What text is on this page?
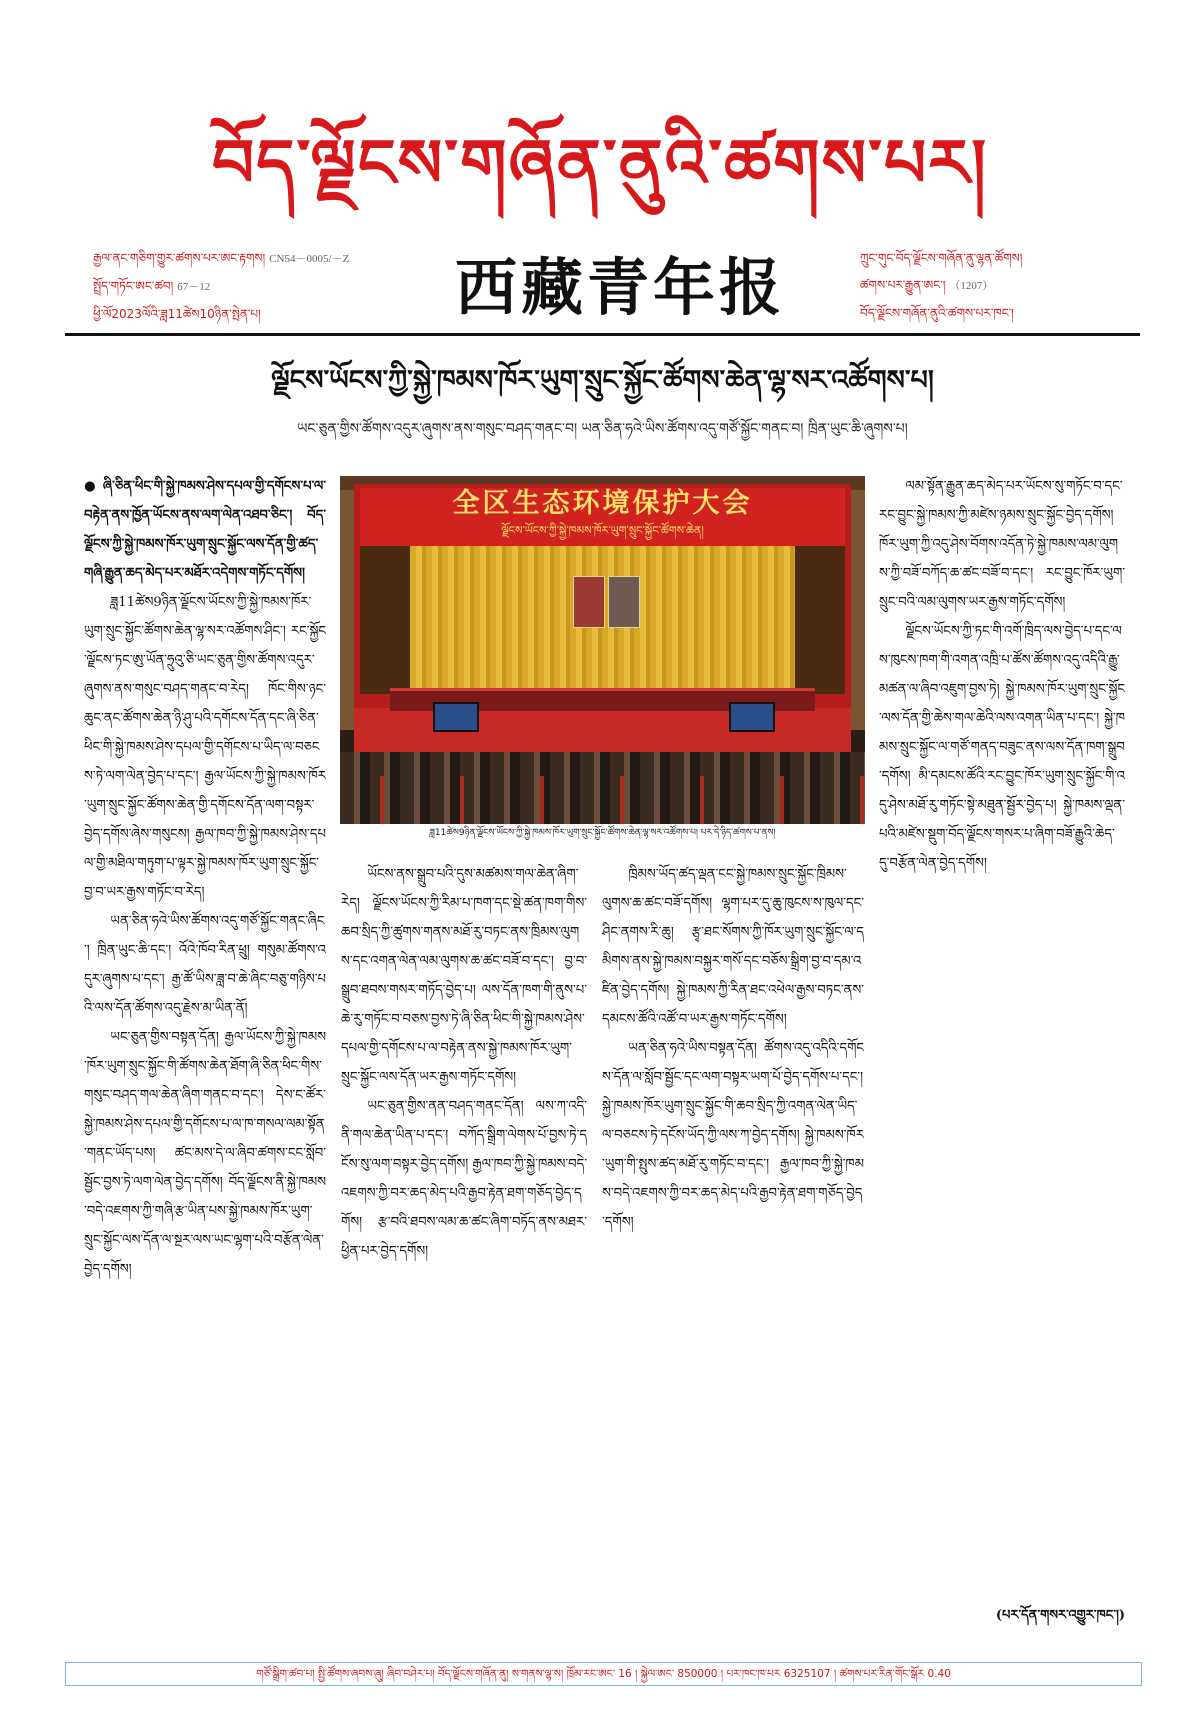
བོད་ལྗོངས་གཞོན་ནུའི་ཚགས་པར།
རྒྱལ་ནང་གཅིག་གྱུར་ཚགས་པར་ཨང་རྟགས། CN54－0005/－Z
སྤྲོད་གཏོང་ཨང་ཚབ། 67－12
ཕྱི་ལོ2023ལོའི་ཟླ11ཚེས10ཉིན་སྤེན་པ།	西藏青年报	ཀྲུང་གུང་བོད་ལྗོངས་གཞོན་ནུ་ལྷན་ཚོགས།
ཚགས་པར་རྒྱུན་ཨང་། （1207）
བོད་ལྗོངས་གཞོན་ནུའི་ཚགས་པར་ཁང་།
ལྗོངས་ཡོངས་ཀྱི་སྐྱེ་ཁམས་ཁོར་ཡུག་སྲུང་སྐྱོང་ཚོགས་ཆེན་ལྷ་སར་འཚོགས་པ།
ཡང་ཅུན་གྱིས་ཚོགས་འདུར་ཞུགས་ནས་གསུང་བཤད་གནང་བ། ཡན་ཅིན་ཧའེ་ཡིས་ཚོགས་འདུ་གཙོ་སྐྱོང་གནང་བ། ཁྲིན་ཡུང་ཆི་ཞུགས་པ།

● ཞི་ཅིན་ཕིང་གི་སྐྱེ་ཁམས་ཤེས་དཔལ་གྱི་དགོངས་པ་ལ་བརྟེན་ནས་ཁྱོན་ཡོངས་ནས་ལག་ལེན་འཐབ་ཅིང་། བོད་ལྗོངས་ཀྱི་སྐྱེ་ཁམས་ཁོར་ཡུག་སྲུང་སྐྱོང་ལས་དོན་གྱི་ཚད་གཞི་རྒྱུན་ཆད་མེད་པར་མཐོར་འདེགས་གཏོང་དགོས།

ཟླ11ཚེས9ཉིན་ལྗོངས་ཡོངས་ཀྱི་སྐྱེ་ཁམས་ཁོར་ཡུག་སྲུང་སྐྱོང་ཚོགས་ཆེན་ལྷ་སར་འཚོགས་ཤིང་། རང་སྐྱོང་ལྗོངས་ཏང་ཨུ་ཡོན་ཧྲུའུ་ཅི་ཡང་ཅུན་གྱིས་ཚོགས་འདུར་ཞུགས་ནས་གསུང་བཤད་གནང་བ་རེད། ཁོང་གིས་ཉང་ཆུང་ནང་ཚོགས་ཆེན་ཉི་ཤུ་པའི་དགོངས་དོན་དང་ཞི་ཅིན་ཕིང་གི་སྐྱེ་ཁམས་ཤེས་དཔལ་གྱི་དགོངས་པ་ཡིད་ལ་བཅངས་ཏེ་ལག་ལེན་བྱེད་པ་དང་། རྒྱལ་ཡོངས་ཀྱི་སྐྱེ་ཁམས་ཁོར་ཡུག་སྲུང་སྐྱོང་ཚོགས་ཆེན་གྱི་དགོངས་དོན་ལག་བསྟར་བྱེད་དགོས་ཞེས་གསུངས། རྒྱལ་ཁབ་ཀྱི་སྐྱེ་ཁམས་ཤེས་དཔལ་གྱི་མཐིལ་གཏུག་པ་ལྟར་སྐྱེ་ཁམས་ཁོར་ཡུག་སྲུང་སྐྱོང་བྱ་བ་ཡར་རྒྱས་གཏོང་བ་རེད།

ཡན་ཅིན་ཧའེ་ཡིས་ཚོགས་འདུ་གཙོ་སྐྱོང་གནང་ཞིང་། ཁྲིན་ཡུང་ཆི་དང་། འོའེ་ཁོབ་རིན་ཕྲུ། གསུམ་ཚོགས་འདུར་ཞུགས་པ་དང་། རྒྱ་ཚོ་ཡིས་ཟླ་བ་ཆེ་ཞིང་བཅུ་གཉིས་པའི་ལས་དོན་ཚོགས་འདུ་རྗེས་མ་ཡིན་ནོ།

ཡང་ཅུན་གྱིས་བསྟན་དོན། རྒྱལ་ཡོངས་ཀྱི་སྐྱེ་ཁམས་ཁོར་ཡུག་སྲུང་སྐྱོང་གི་ཚོགས་ཆེན་ཐོག་ཞི་ཅིན་ཕིང་གིས་གསུང་བཤད་གལ་ཆེན་ཞིག་གནང་བ་དང་། དེས་ང་ཚོར་སྐྱེ་ཁམས་ཤེས་དཔལ་གྱི་དགོངས་པ་ལ་ཁ་གསལ་ལམ་སྟོན་གནང་ཡོད་པས། ཚང་མས་དེ་ལ་ཞིབ་ཚགས་ངང་སློབ་སྦྱོང་བྱས་ཏེ་ལག་ལེན་བྱེད་དགོས། བོད་ལྗོངས་ནི་སྐྱེ་ཁམས་བདེ་འཇགས་ཀྱི་གཞི་རྩ་ཡིན་པས་སྐྱེ་ཁམས་ཁོར་ཡུག་སྲུང་སྐྱོང་ལས་དོན་ལ་སྔར་ལས་ཡང་ལྷག་པའི་བརྩོན་ལེན་བྱེད་དགོས།

全区生态环境保护大会
ལྗོངས་ཡོངས་ཀྱི་སྐྱེ་ཁམས་ཁོར་ཡུག་སྲུང་སྐྱོང་ཚོགས་ཆེན།
ཟླ11ཚེས9ཉིན་ལྗོངས་ཡོངས་ཀྱི་སྐྱེ་ཁམས་ཁོར་ཡུག་སྲུང་སྐྱོང་ཚོགས་ཆེན་ལྷ་སར་འཚོགས་པ། པར་དེ་ཉིད་ཚགས་པ་ནས།

ཡོངས་ནས་སྒྲུབ་པའི་དུས་མཚམས་གལ་ཆེན་ཞིག་རེད། ལྗོངས་ཡོངས་ཀྱི་རིམ་པ་ཁག་དང་སྡེ་ཚན་ཁག་གིས་ཆབ་སྲིད་ཀྱི་ཚུགས་གནས་མཐོ་རུ་བཏང་ནས་ཁྲིམས་ལུགས་དང་འགན་ལེན་ལམ་ལུགས་ཆ་ཚང་བཟོ་བ་དང་། བྱ་བ་སྒྲུབ་ཐབས་གསར་གཏོད་བྱེད་པ། ལས་དོན་ཁག་གི་ནུས་པ་ཆེ་རུ་གཏོང་བ་བཅས་བྱས་ཏེ་ཞི་ཅིན་ཕིང་གི་སྐྱེ་ཁམས་ཤེས་དཔལ་གྱི་དགོངས་པ་ལ་བརྟེན་ནས་སྐྱེ་ཁམས་ཁོར་ཡུག་སྲུང་སྐྱོང་ལས་དོན་ཡར་རྒྱས་གཏོང་དགོས།

ཡང་ཅུན་གྱིས་ནན་བཤད་གནང་དོན། ལས་ཀ་འདི་ནི་གལ་ཆེན་ཡིན་པ་དང་། བཀོད་སྒྲིག་ལེགས་པོ་བྱས་ཏེ་དངོས་སུ་ལག་བསྟར་བྱེད་དགོས། རྒྱལ་ཁབ་ཀྱི་སྐྱེ་ཁམས་བདེ་འཇགས་ཀྱི་བར་ཆད་མེད་པའི་རྒྱབ་རྟེན་ཐག་གཅོད་བྱེད་དགོས། རྩ་བའི་ཐབས་ལམ་ཆ་ཚང་ཞིག་བཏོད་ནས་མཐར་ཕྱིན་པར་བྱེད་དགོས།

ཁྲིམས་ཡོད་ཚད་ལྡན་ངང་སྐྱེ་ཁམས་སྲུང་སྐྱོང་ཁྲིམས་ལུགས་ཆ་ཚང་བཟོ་དགོས། ལྷག་པར་དུ་ཆུ་ཁུངས་ས་ཁུལ་དང་ཤིང་ནགས་རི་ཆུ། རྩྭ་ཐང་སོགས་ཀྱི་ཁོར་ཡུག་སྲུང་སྐྱོང་ལ་དམིགས་ནས་སྐྱེ་ཁམས་བསྐྱར་གསོ་དང་བཅོས་སྒྲིག་བྱ་བ་དམ་འཛིན་བྱེད་དགོས། སྐྱེ་ཁམས་ཀྱི་རིན་ཐང་འཕེལ་རྒྱས་བཏང་ནས་དམངས་ཚོའི་འཚོ་བ་ཡར་རྒྱས་གཏོང་དགོས།

ཡན་ཅིན་ཧའེ་ཡིས་བསྟན་དོན། ཚོགས་འདུ་འདིའི་དགོངས་དོན་ལ་སློབ་སྦྱོང་དང་ལག་བསྟར་ཡག་པོ་བྱེད་དགོས་པ་དང་། སྐྱེ་ཁམས་ཁོར་ཡུག་སྲུང་སྐྱོང་གི་ཆབ་སྲིད་ཀྱི་འགན་ལེན་ཡིད་ལ་བཅངས་ཏེ་དངོས་ཡོད་ཀྱི་ལས་ཀ་བྱེད་དགོས། སྐྱེ་ཁམས་ཁོར་ཡུག་གི་སྤུས་ཚད་མཐོ་རུ་གཏོང་བ་དང་། རྒྱལ་ཁབ་ཀྱི་སྐྱེ་ཁམས་བདེ་འཇགས་ཀྱི་བར་ཆད་མེད་པའི་རྒྱབ་རྟེན་ཐག་གཅོད་བྱེད་དགོས།

ལམ་སྟོན་རྒྱུན་ཆད་མེད་པར་ཡོངས་སུ་གཏོང་བ་དང་རང་བྱུང་སྐྱེ་ཁམས་ཀྱི་མཛེས་ཉམས་སྲུང་སྐྱོང་བྱེད་དགོས། ཁོར་ཡུག་ཀྱི་འདུ་ཤེས་བོགས་འདོན་ཏེ་སྐྱེ་ཁམས་ལམ་ལུགས་ཀྱི་བཟོ་བཀོད་ཆ་ཚང་བཟོ་བ་དང་། རང་བྱུང་ཁོར་ཡུག་སྲུང་བའི་ལམ་ལུགས་ཡར་རྒྱས་གཏོང་དགོས།

ལྗོངས་ཡོངས་ཀྱི་ཏང་གི་འགོ་ཁྲིད་ལས་བྱེད་པ་དང་ལས་ཁུངས་ཁག་གི་འགན་འཁྲི་པ་ཚོས་ཚོགས་འདུ་འདིའི་རྒྱུ་མཚན་ལ་ཞིབ་འཇུག་བྱས་ཏེ། སྐྱེ་ཁམས་ཁོར་ཡུག་སྲུང་སྐྱོང་ལས་དོན་གྱི་ཆེས་གལ་ཆེའི་ལས་འགན་ཡིན་པ་དང་། སྐྱེ་ཁམས་སྲུང་སྐྱོང་ལ་གཙོ་གནད་བཟུང་ནས་ལས་དོན་ཁག་སྒྲུབ་དགོས། མི་དམངས་ཚོའི་རང་བྱུང་ཁོར་ཡུག་སྲུང་སྐྱོང་གི་འདུ་ཤེས་མཐོ་རུ་གཏོང་སྟེ་མཐུན་སྦྱོར་བྱེད་པ། སྐྱེ་ཁམས་ལྡན་པའི་མཛེས་སྡུག་བོད་ལྗོངས་གསར་པ་ཞིག་བཟོ་རྒྱུའི་ཆེད་དུ་བརྩོན་ལེན་བྱེད་དགོས།

(པར་དོན་གསར་འགྱུར་ཁང་།)
གཙོ་སྒྲིག་ཚབ་པ། སྤྱི་ཚོགས་ཞབས་ཞུ། ཞིབ་བཤེར་པ། བོད་ལྗོངས་གཞོན་ནུ། ས་གནས་ལྷ་ས། ཁྲོམ་རང་ཨང་ 16 ། སྐྱེལ་ཨང་ 850000 ། པར་ཁང་ཁ་པར 6325107 ། ཚགས་པར་རིན་གོང་སྒོར 0.40
